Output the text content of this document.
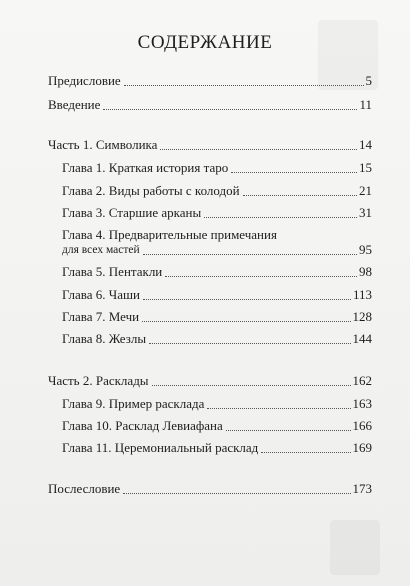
СОДЕРЖАНИЕ
Предисловие	5
Введение	11
Часть 1. Символика	14
Глава 1. Краткая история таро	15
Глава 2. Виды работы с колодой	21
Глава 3. Старшие арканы	31
Глава 4. Предварительные примечания
для всех мастей	95
Глава 5. Пентакли	98
Глава 6. Чаши	113
Глава 7. Мечи	128
Глава 8. Жезлы	144
Часть 2. Расклады	162
Глава 9. Пример расклада	163
Глава 10. Расклад Левиафана	166
Глава 11. Церемониальный расклад	169
Послесловие	173
